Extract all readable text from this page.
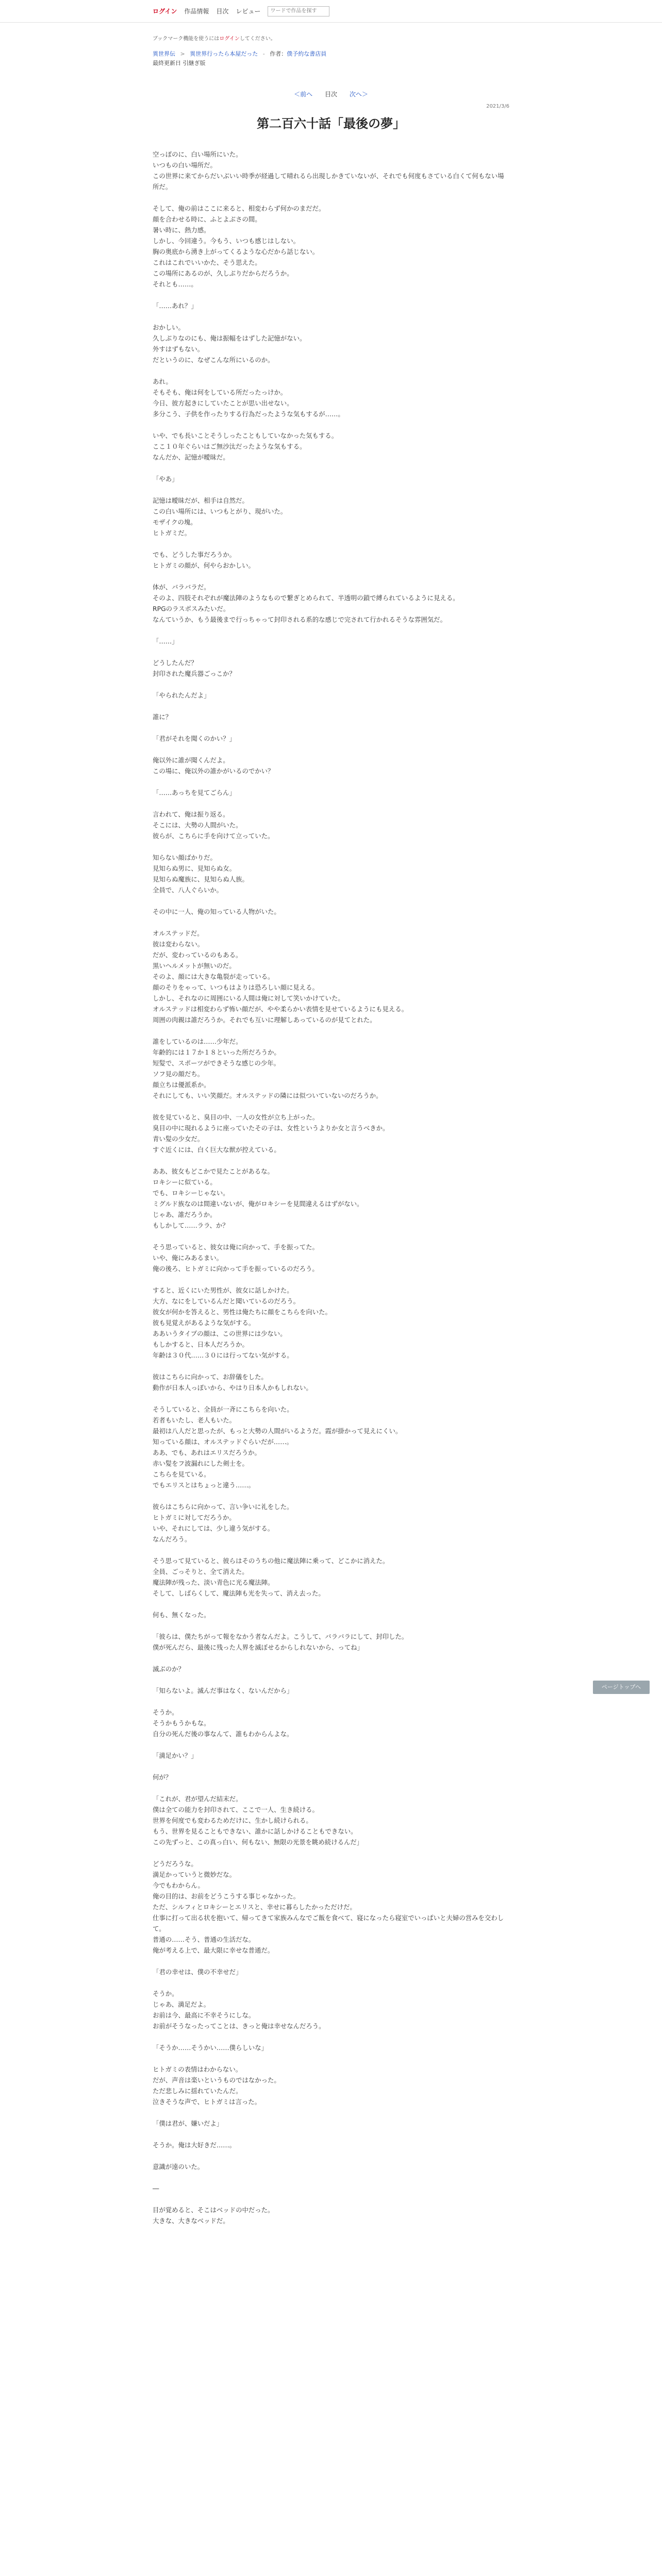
ログイン 作品情報 目次 レビュー
ワードで作品を探す
ブックマーク機能を使うにはログインしてください。
異世界伝 > 異世界行ったら本屋だった - 作者：僕予約な書店員
最終更新日 引継ぎ版
＜前へ 目次 次へ＞
2021/3/6
第二百六十話「最後の夢」
空っぽのに、白い場所にいた。
いつもの白い場所だ。
この世界に来てからだいぶいい時季が経過して晴れるら出現しかきていないが、それでも何度もさている白くて何もない場所だ。
そして、俺の前はここに来ると、相変わらず何かのまだだ。
顔を合わせる時に、ふとよぶさの間。
暑い時に、熱力感。
しかし、今回違う。今もう、いつも感じはしない。
胸の奥底から湧き上がってくるような心だから話じない。
これはこれでいいかた、そう思えた。
この場所にあるのが、久しぶりだからだろうか。
それとも……。
「……あれ？」
おかしい。
久しぶりなのにも、俺は振幅をはずした記憶がない。
外すはずもない。
だというのに、なぜこんな所にいるのか。
あれ。
そもそも、俺は何をしている所だったっけか。
今日、彼方起きにしていたことが思い出せない。
多分こう、子供を作ったりする行為だったような気もするが……。
いや、でも長いことそうしったこともしていなかった気もする。
ここ１０年ぐらいはご無沙汰だったような気もする。
なんだか、記憶が曖昧だ。
「やあ」
記憶は曖昧だが、相手は自然だ。
この白い場所には、いつもとがり、現がいた。
モザイクの塊。
ヒトガミだ。
でも、どうした事だろうか。
ヒトガミの顔が、何やらおかしい。
体が、バラバラだ。
そのよ、四肢それぞれが魔法陣のようなもので繋ぎとめられて、半透明の鎖で縛られているように見える。
RPGのラスボスみたいだ。
なんていうか、もう最後まで行っちゃって封印される系的な感じで完されて行かれるそうな雰囲気だ。
「……」
どうしたんだ？
封印された魔兵器ごっこか？
「やられたんだよ」
誰に？
「君がそれを聞くのかい？」
俺以外に誰が聞くんだよ。
この場に、俺以外の誰かがいるのでかい？
「……あっちを見てごらん」
言われて、俺は振り返る。
そこには、大勢の人間がいた。
彼らが、こちらに手を向けて立っていた。
知らない顔ばかりだ。
見知らぬ男に、見知らぬ女。
見知らぬ魔族に、見知らぬ人族。
全員で、八人ぐらいか。
その中に一人、俺の知っている人物がいた。
オルステッドだ。
彼は変わらない。
だが、変わっているのもある。
黒いヘルメットが無いのだ。
そのよ、顔には大きな亀裂が走っている。
顔のそりをゃって、いつもはよりは恐ろしい顔に見える。
しかし、それなのに周囲にいる人間は俺に対して笑いかけていた。
オルステッドは相変わらず怖い顔だが、やや柔らかい表情を見せているようにも見える。
周囲の肉親は誰だろうか。それでも互いに理解しあっているのが見てとれた。
誰をしているのは……少年だ。
年齢的には１７か１８といった所だろうか。
短髪で、スポーツができそうな感じの少年。
ソフ見の顔だち。
顔立ちは優派系か。
それにしても、いい笑顔だ。オルステッドの隣には似ついていないのだろうか。
彼を見ていると、臭目の中、一人の女性が立ち上がった。
臭目の中に現れるように座っていたその子は、女性というよりか女と言うべきか。
青い髪の少女だ。
すぐ近くには、白く巨大な獣が控えている。
ああ、彼女もどこかで見たことがあるな。
ロキシーに似ている。
でも、ロキシーじゃない。
ミグルド族なのは間違いないが、俺がロキシーを見間違えるはずがない。
じゃあ、誰だろうか。
もしかして……ララ、か？
そう思っていると、彼女は俺に向かって、手を振ってた。
いや、俺にみあるまい。
俺の後ろ、ヒトガミに向かって手を振っているのだろう。
すると、近くにいた男性が、彼女に話しかけた。
大方、なにをしているんだと聞いているのだろう。
彼女が何かを答えると、男性は俺たちに顔をこちらを向いた。
彼も見覚えがあるような気がする。
ああいうタイプの顔は、この世界には少ない。
もしかすると、日本人だろうか。
年齢は３０代……３０には行ってない気がする。
彼はこちらに向かって、お辞儀をした。
動作が日本人っぽいから、やはり日本人かもしれない。
そうしていると、全員が一斉にこちらを向いた。
若者もいたし、老人もいた。
最初は八人だと思ったが、もっと大勢の人間がいるようだ。霞が掛かって見えにくい。
知っている顔は、オルステッドぐらいだが……。
ああ、でも、あれはエリスだろうか。
赤い髪をフ波漏れにした剣士を。
こちらを見ている。
でもエリスとはちょっと違う……。
彼らはこちらに向かって、言い争いに礼をした。
ヒトガミに対してだろうか。
いや、それにしては、少し違う気がする。
なんだろう。
そう思って見ていると、彼らはそのうちの他に魔法陣に乗って、どこかに消えた。
全員、ごっそりと、全て消えた。
魔法陣が残った、淡い青色に光る魔法陣。
そして、しばらくして、魔法陣も光を失って、消え去った。
何も、無くなった。
「彼らは、僕たちがって報をなかう者なんだよ。こうして、バラバラにして、封印した。
僕が死んだら、最後に残った人界を滅ぼせるからしれないから、ってね」
滅ぶのか？
「知らないよ。滅んだ事はなく、ないんだから」
そうか。
そうかもうかもな。
自分の死んだ後の事なんて、誰もわからんよな。
「満足かい？」
何が？
「これが、君が望んだ結末だ。
僕は全ての能力を封印されて、ここで一人、生き続ける。
世界を何度でも変わるためだけに、生かし続けられる。
もう、世界を見ることもできない、誰かに話しかけることもできない。
この先ずっと、この真っ白い、何もない、無限の光景を眺め続けるんだ」
どうだろうな。
満足かっていうと微妙だな。
今でもわからん。
俺の目的は、お前をどうこうする事じゃなかった。
ただ、シルフィとロキシーとエリスと、幸せに暮らしたかっただけだ。
仕事に打って出る状を抱いて、帰ってきて家族みんなでご飯を食べて、寝になったら寝室でいっぱいと夫婦の営みを交わして。
普通の……そう、普通の生活だな。
俺が考える上で、最大限に幸せな普通だ。
「君の幸せは、僕の不幸せだ」
そうか。
じゃあ、満足だよ。
お前は今、最高に不幸そうにしな。
お前がそうなったってことは、きっと俺は幸せなんだろう。
「そうか……そうかい……僕らしいな」
ヒトガミの表情はわからない。
だが、声音は楽いというものではなかった。
ただ悲しみに揺れていたんだ。
泣きそうな声で、ヒトガミは言った。
「僕は君が、嫌いだよ」
そうか。俺は大好きだ……。
意識が遠のいた。
―
目が覚めると、そこはベッドの中だった。
大きな、大きなベッドだ。
ページトップへ
